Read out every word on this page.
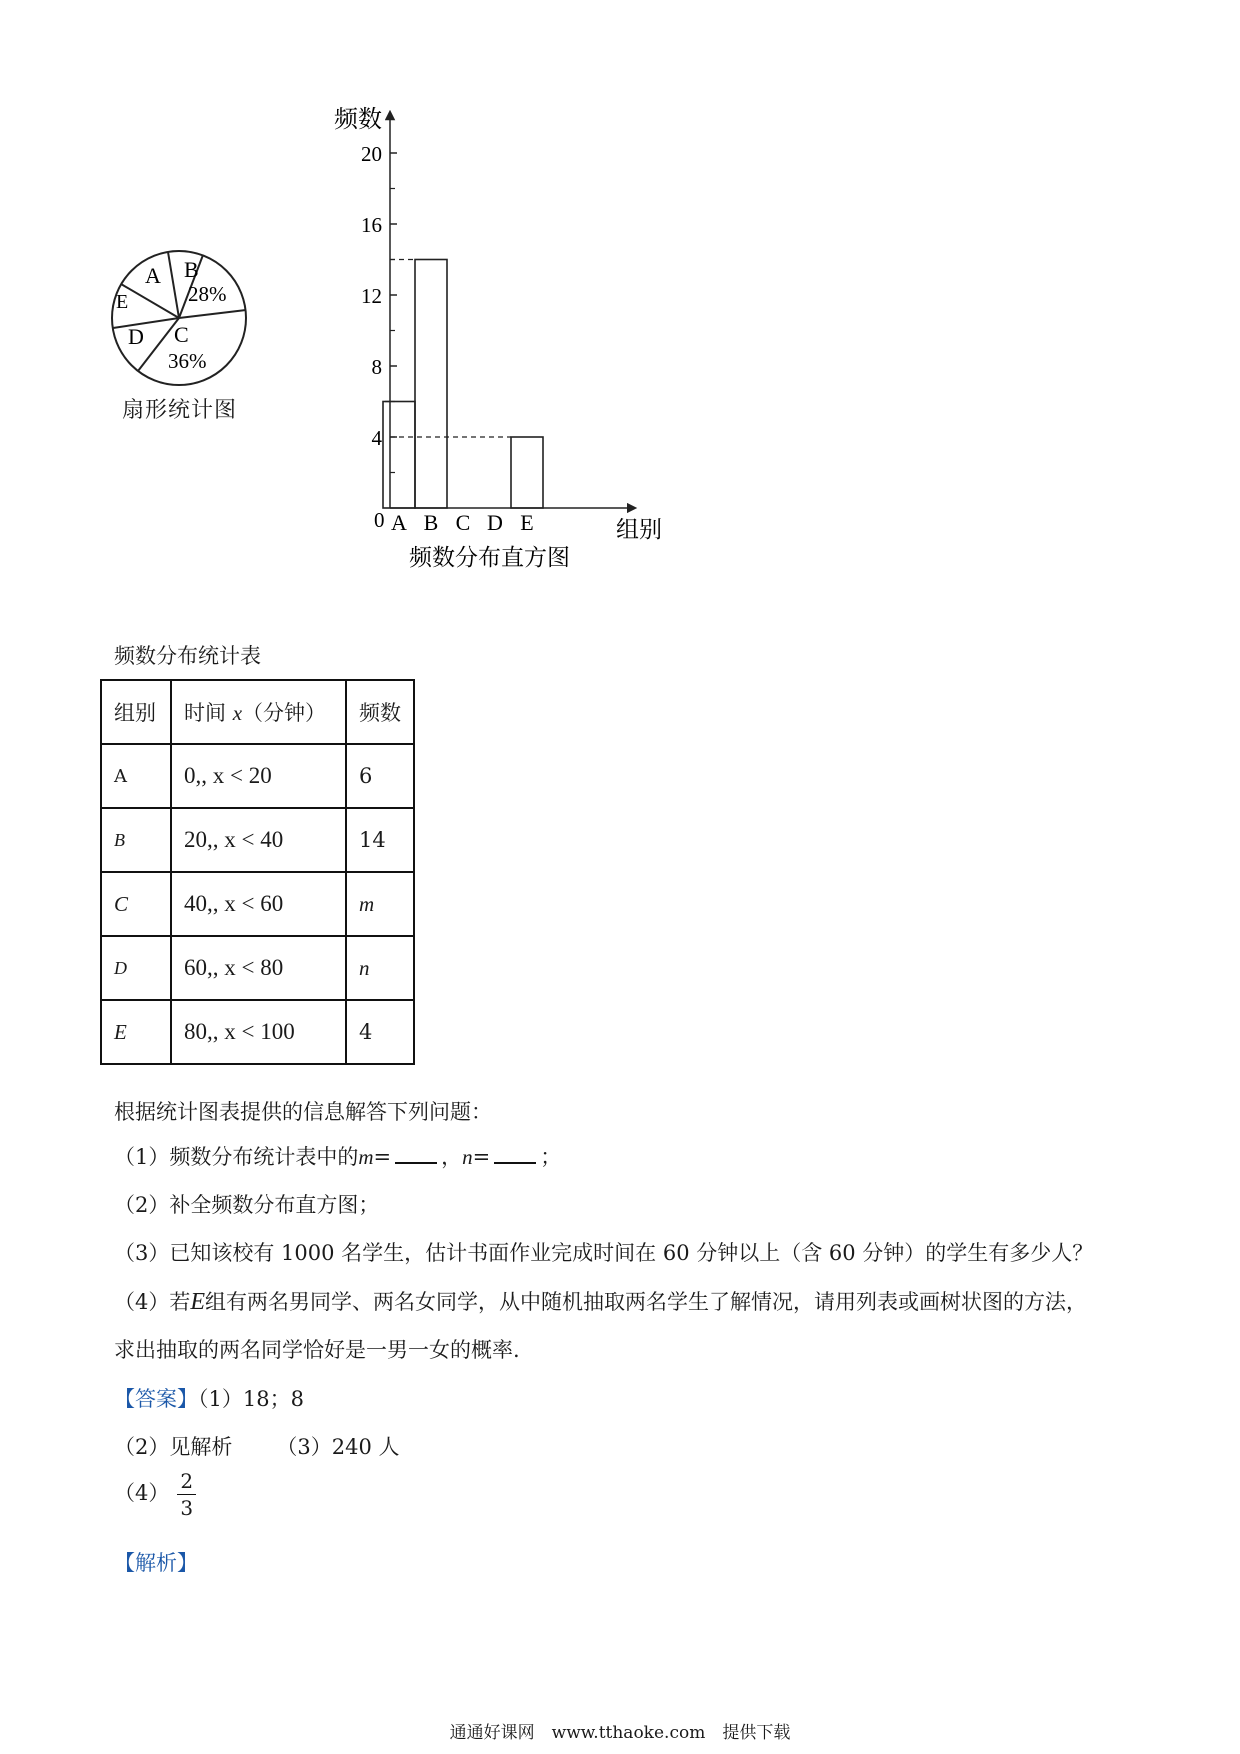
A B
28%
E
D C
36%
扇形统计图
频数
0
4
8
12
16
20
A B C D E	组别
频数分布直方图
频数分布统计表
组别	时间 x（分钟）	频数
A	0,, x < 20	6
B	20,, x < 40	14
C	40,, x < 60	m
D	60,, x < 80	n
E	80,, x < 100	4
根据统计图表提供的信息解答下列问题：
（1）频数分布统计表中的m= ，n= ；
（2）补全频数分布直方图；
（3）已知该校有 1000 名学生，估计书面作业完成时间在 60 分钟以上（含 60 分钟）的学生有多少人？
（4）若E组有两名男同学、两名女同学，从中随机抽取两名学生了解情况，请用列表或画树状图的方法，
求出抽取的两名同学恰好是一男一女的概率.
【答案】（1）18；8
（2）见解析 （3）240 人
$(4) \frac{2}{3}$
【解析】
通通好课网　www.tthaoke.com　提供下载
